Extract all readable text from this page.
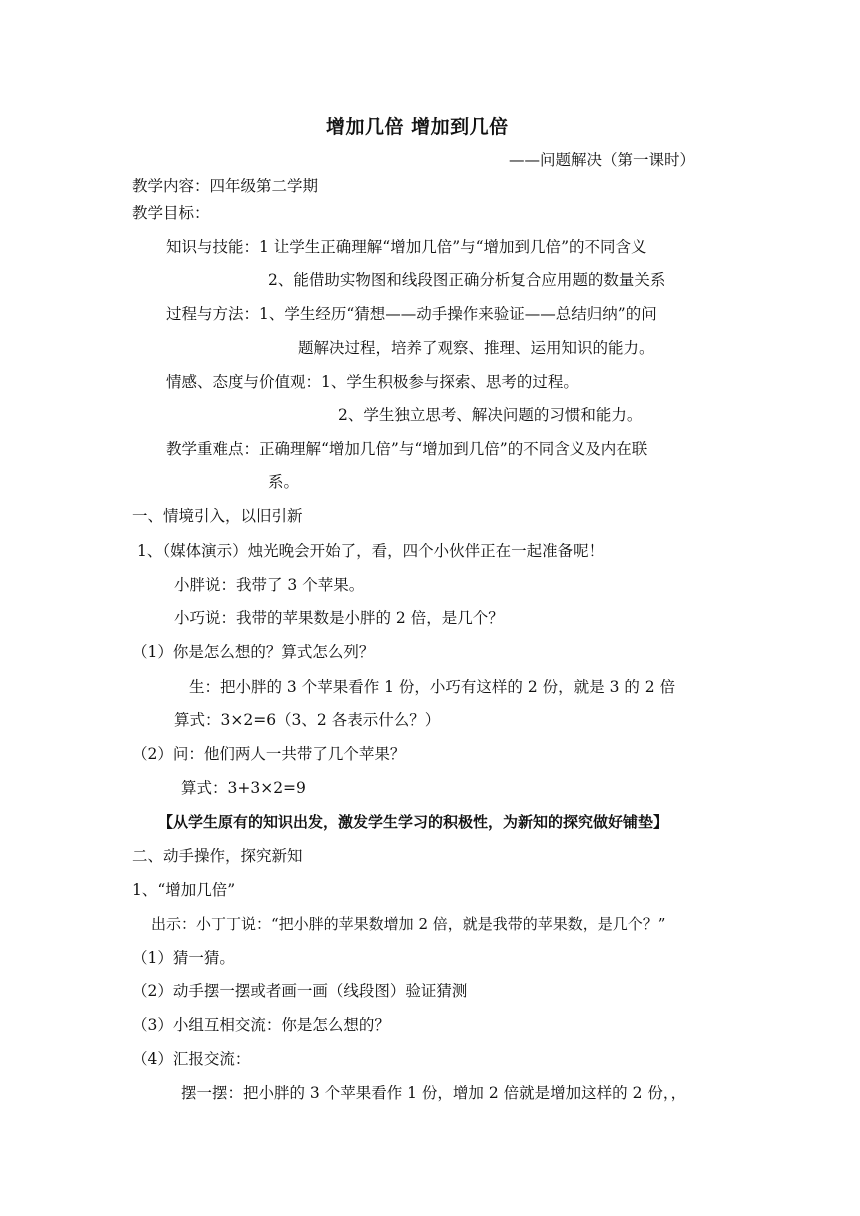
增加几倍 增加到几倍
——问题解决（第一课时）
教学内容：四年级第二学期
教学目标：
知识与技能：1 让学生正确理解“增加几倍”与“增加到几倍”的不同含义
2、能借助实物图和线段图正确分析复合应用题的数量关系
过程与方法：1、学生经历“猜想——动手操作来验证——总结归纳”的问
题解决过程，培养了观察、推理、运用知识的能力。
情感、态度与价值观：1、学生积极参与探索、思考的过程。
2、学生独立思考、解决问题的习惯和能力。
教学重难点：正确理解“增加几倍”与“增加到几倍”的不同含义及内在联
系。
一、情境引入，以旧引新
1、（媒体演示）烛光晚会开始了，看，四个小伙伴正在一起准备呢！
小胖说：我带了 3 个苹果。
小巧说：我带的苹果数是小胖的 2 倍，是几个？
（1）你是怎么想的？算式怎么列？
生：把小胖的 3 个苹果看作 1 份，小巧有这样的 2 份，就是 3 的 2 倍
算式：3×2=6（3、2 各表示什么？）
（2）问：他们两人一共带了几个苹果？
算式：3+3×2=9
【从学生原有的知识出发，激发学生学习的积极性，为新知的探究做好铺垫】
二、动手操作，探究新知
1、“增加几倍”
出示：小丁丁说：“把小胖的苹果数增加 2 倍，就是我带的苹果数，是几个？”
（1）猜一猜。
（2）动手摆一摆或者画一画（线段图）验证猜测
（3）小组互相交流：你是怎么想的？
（4）汇报交流：
摆一摆：把小胖的 3 个苹果看作 1 份，增加 2 倍就是增加这样的 2 份，，
